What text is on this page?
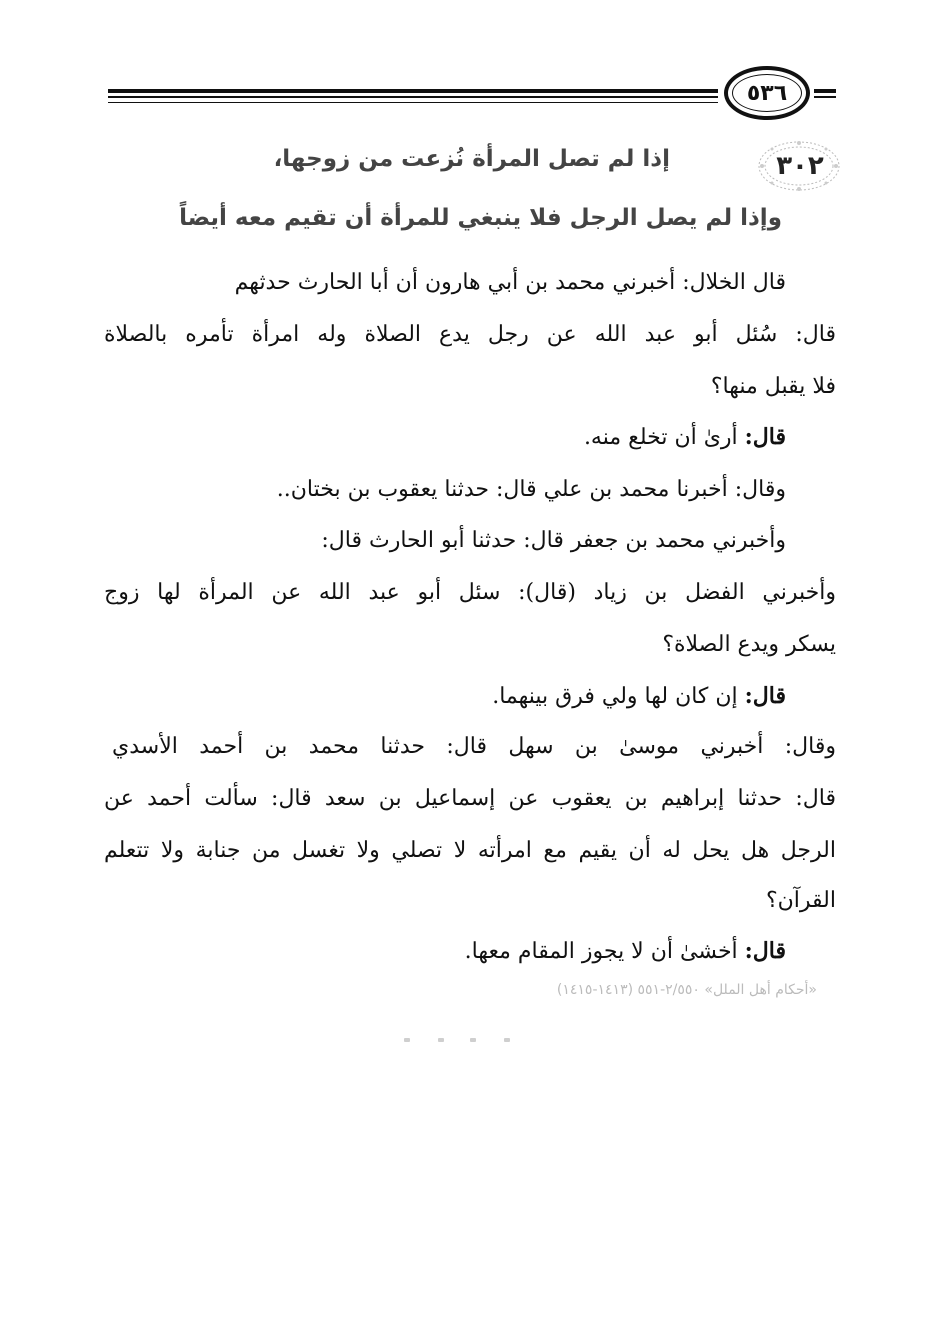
٥٣٦
٣٠٢
إذا لم تصل المرأة نُزعت من زوجها،
وإذا لم يصل الرجل فلا ينبغي للمرأة أن تقيم معه أيضاً
قال الخلال: أخبرني محمد بن أبي هارون أن أبا الحارث حدثهم
قال: سُئل أبو عبد الله عن رجل يدع الصلاة وله امرأة تأمره بالصلاة
فلا يقبل منها؟
قال: أرىٰ أن تخلع منه.
وقال: أخبرنا محمد بن علي قال: حدثنا يعقوب بن بختان..
وأخبرني محمد بن جعفر قال: حدثنا أبو الحارث قال:
وأخبرني الفضل بن زياد (قال): سئل أبو عبد الله عن المرأة لها زوج
يسكر ويدع الصلاة؟
قال: إن كان لها ولي فرق بينهما.
وقال: أخبرني موسىٰ بن سهل قال: حدثنا محمد بن أحمد الأسدي
قال: حدثنا إبراهيم بن يعقوب عن إسماعيل بن سعد قال: سألت أحمد عن
الرجل هل يحل له أن يقيم مع امرأته لا تصلي ولا تغسل من جنابة ولا تتعلم
القرآن؟
قال: أخشىٰ أن لا يجوز المقام معها.
«أحكام أهل الملل» ٢/٥٥٠-٥٥١ (١٤١٣-١٤١٥)
